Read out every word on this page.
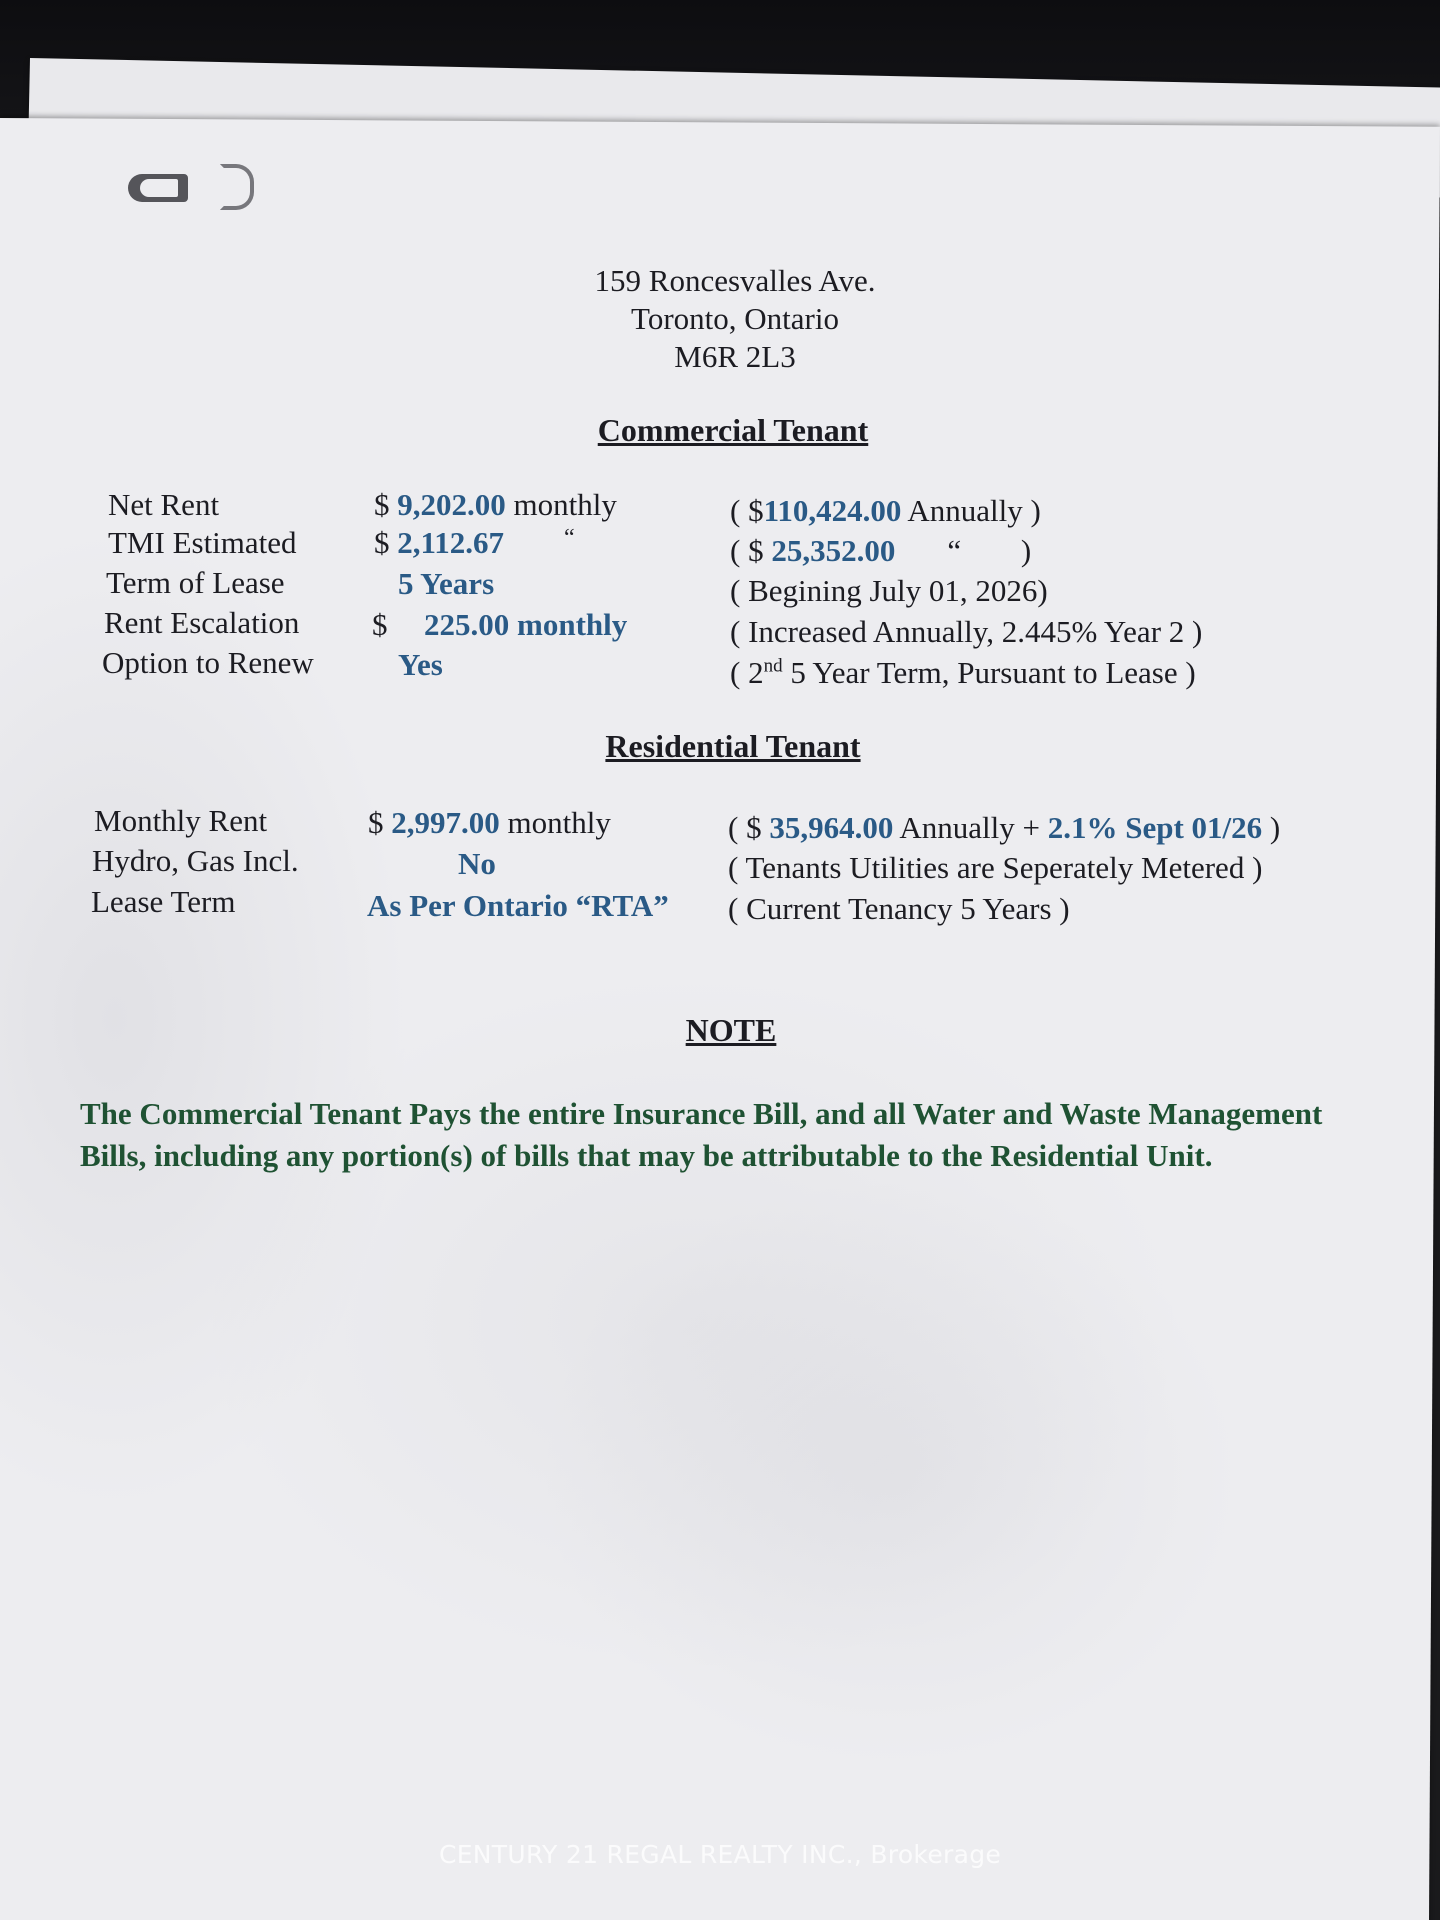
159 Roncesvalles Ave.
Toronto, Ontario
M6R 2L3
Commercial Tenant
Net Rent	$ 9,202.00 monthly	( $110,424.00 Annually )
TMI Estimated $ 2,112.67	“	( $ 25,352.00 “ )
Term of Lease	5 Years	( Begining July 01, 2026)
Rent Escalation $225.00 monthly	( Increased Annually, 2.445% Year 2 )
Option to Renew	Yes	( 2nd 5 Year Term, Pursuant to Lease )
Residential Tenant
Monthly Rent	$ 2,997.00 monthly	( $ 35,964.00 Annually + 2.1% Sept 01/26 )
Hydro, Gas Incl.	No	( Tenants Utilities are Seperately Metered )
Lease Term	As Per Ontario “RTA” ( Current Tenancy 5 Years )
NOTE
The Commercial Tenant Pays the entire Insurance Bill, and all Water and Waste Management Bills, including any portion(s) of bills that may be attributable to the Residential Unit.
CENTURY 21 REGAL REALTY INC., Brokerage
